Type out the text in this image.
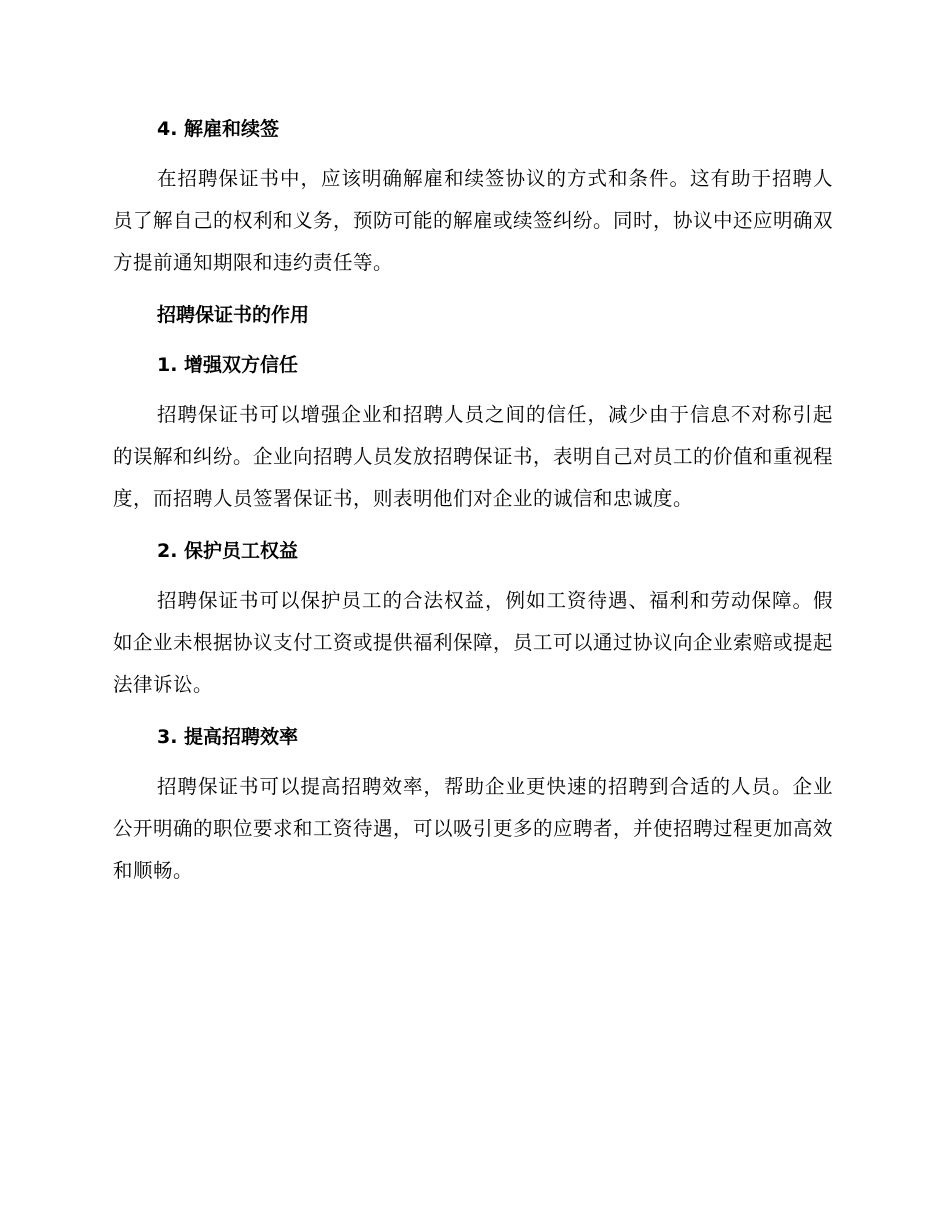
4. 解雇和续签

在招聘保证书中，应该明确解雇和续签协议的方式和条件。这有助于招聘人员了解自己的权利和义务，预防可能的解雇或续签纠纷。同时，协议中还应明确双方提前通知期限和违约责任等。

招聘保证书的作用
1. 增强双方信任

招聘保证书可以增强企业和招聘人员之间的信任，减少由于信息不对称引起的误解和纠纷。企业向招聘人员发放招聘保证书，表明自己对员工的价值和重视程度，而招聘人员签署保证书，则表明他们对企业的诚信和忠诚度。

2. 保护员工权益

招聘保证书可以保护员工的合法权益，例如工资待遇、福利和劳动保障。假如企业未根据协议支付工资或提供福利保障，员工可以通过协议向企业索赔或提起法律诉讼。

3. 提高招聘效率

招聘保证书可以提高招聘效率，帮助企业更快速的招聘到合适的人员。企业公开明确的职位要求和工资待遇，可以吸引更多的应聘者，并使招聘过程更加高效和顺畅。
